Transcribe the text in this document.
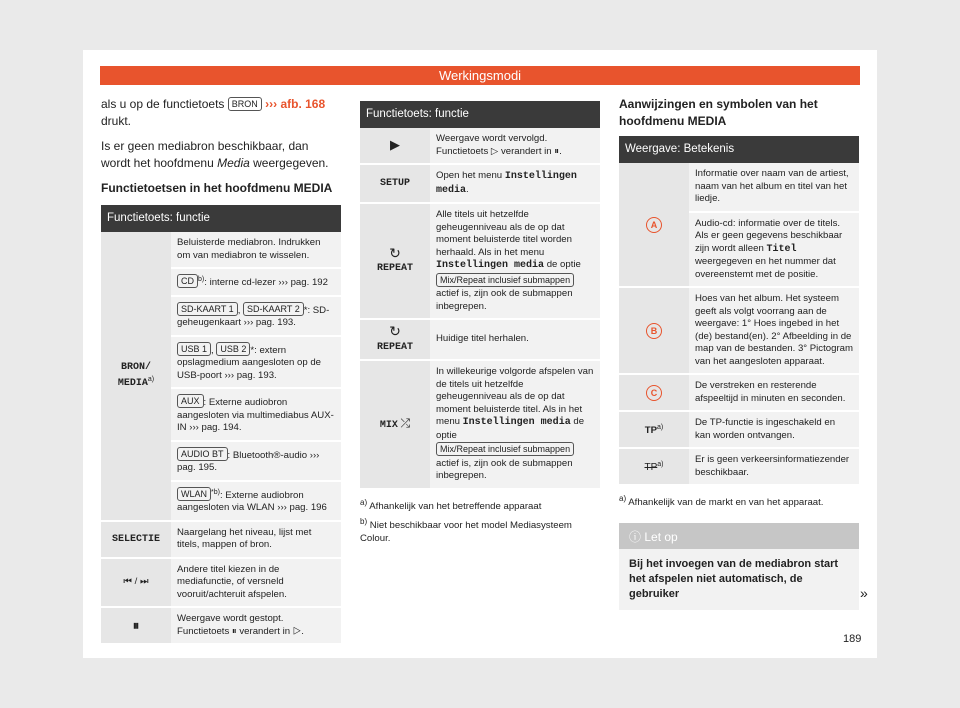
Werkingsmodi

als u op de functietoets BRON ››› afb. 168 drukt.

Is er geen mediabron beschikbaar, dan wordt het hoofdmenu Media weergegeven.

Functietoetsen in het hoofdmenu MEDIA
Functietoets: functie	
BRON/ MEDIA$^{a)}$	Beluisterde mediabron. Indrukken om van mediabron te wisselen.
	CD $^{b)}$: interne cd-lezer ››› pag. 192
	SD-KAART 1 , SD-KAART 2 *: SD-geheugenkaart ››› pag. 193.
	USB 1 , USB 2 *: extern opslagmedium aangesloten op de USB-poort ››› pag. 193.
	AUX : Externe audiobron aangesloten via multimediabus AUX-IN ››› pag. 194.
	AUDIO BT : Bluetooth®-audio ››› pag. 195.
	WLAN $^{*b)}$: Externe audiobron aangesloten via WLAN ››› pag. 196
SELECTIE	Naargelang het niveau, lijst met titels, mappen of bron.
⏮ / ⏭	Andere titel kiezen in de mediafunctie, of versneld vooruit/achteruit afspelen.
⏸	Weergave wordt gestopt. Functietoets ⏸ verandert in ▷.
Functietoets: functie	
▶	Weergave wordt vervolgd. Functietoets ▷ verandert in ⏸.
SETUP	Open het menu Instellingen media.
↻
REPEAT	Alle titels uit hetzelfde geheugenniveau als de op dat moment beluisterde titel worden herhaald. Als in het menu Instellingen media de optie Mix/Repeat inclusief submappen actief is, zijn ook de submappen inbegrepen.
↻
REPEAT	Huidige titel herhalen.
MIX ⤮	In willekeurige volgorde afspelen van de titels uit hetzelfde geheugenniveau als de op dat moment beluisterde titel. Als in het menu Instellingen media de optie Mix/Repeat inclusief submappen actief is, zijn ook de submappen inbegrepen.
$^{a)}$ Afhankelijk van het betreffende apparaat
$^{b)}$ Niet beschikbaar voor het model Mediasysteem Colour.
Aanwijzingen en symbolen van het hoofdmenu MEDIA
Weergave: Betekenis	
A	Informatie over naam van de artiest, naam van het album en titel van het liedje.
	Audio-cd: informatie over de titels. Als er geen gegevens beschikbaar zijn wordt alleen Titel weergegeven en het nummer dat overeenstemt met de positie.
B	Hoes van het album. Het systeem geeft als volgt voorrang aan de weergave: 1° Hoes ingebed in het (de) bestand(en). 2° Afbeelding in de map van de bestanden. 3° Pictogram van het aangesloten apparaat.
C	De verstreken en resterende afspeeltijd in minuten en seconden.
TP$^{a)}$	De TP-functie is ingeschakeld en kan worden ontvangen.
TP$^{a)}$	Er is geen verkeersinformatiezender beschikbaar.
$^{a)}$ Afhankelijk van de markt en van het apparaat.
ⓘ Let op
Bij het invoegen van de mediabron start het afspelen niet automatisch, de gebruiker	»
189
